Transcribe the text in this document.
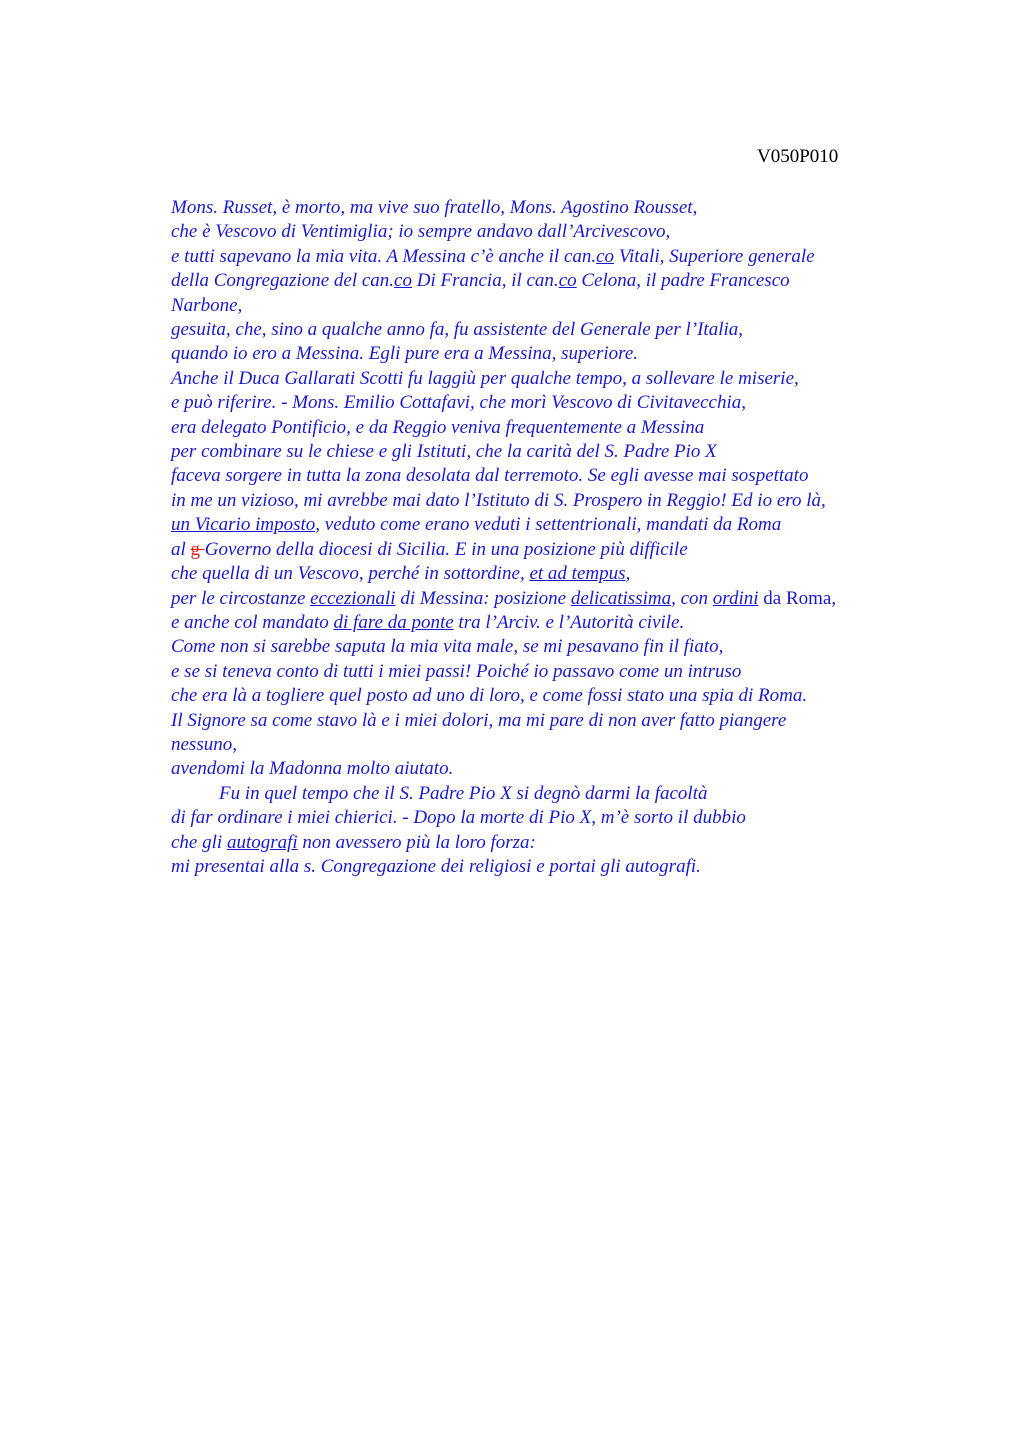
V050P010

Mons. Russet, è morto, ma vive suo fratello, Mons. Agostino Rousset,
che è Vescovo di Ventimiglia; io sempre andavo dall’Arcivescovo,
e tutti sapevano la mia vita. A Messina c’è anche il can.co Vitali, Superiore generale
della Congregazione del can.co Di Francia, il can.co Celona, il padre Francesco
Narbone,
gesuita, che, sino a qualche anno fa, fu assistente del Generale per l’Italia,
quando io ero a Messina. Egli pure era a Messina, superiore.
Anche il Duca Gallarati Scotti fu laggiù per qualche tempo, a sollevare le miserie,
e può riferire. - Mons. Emilio Cottafavi, che morì Vescovo di Civitavecchia,
era delegato Pontificio, e da Reggio veniva frequentemente a Messina
per combinare su le chiese e gli Istituti, che la carità del S. Padre Pio X
faceva sorgere in tutta la zona desolata dal terremoto. Se egli avesse mai sospettato
in me un vizioso, mi avrebbe mai dato l’Istituto di S. Prospero in Reggio! Ed io ero là,
un Vicario imposto, veduto come erano veduti i settentrionali, mandati da Roma
al g Governo della diocesi di Sicilia. E in una posizione più difficile
che quella di un Vescovo, perché in sottordine, et ad tempus,
per le circostanze eccezionali di Messina: posizione delicatissima, con ordini da Roma,
e anche col mandato di fare da ponte tra l’Arciv. e l’Autorità civile.
Come non si sarebbe saputa la mia vita male, se mi pesavano fin il fiato,
e se si teneva conto di tutti i miei passi! Poiché io passavo come un intruso
che era là a togliere quel posto ad uno di loro, e come fossi stato una spia di Roma.
Il Signore sa come stavo là e i miei dolori, ma mi pare di non aver fatto piangere
nessuno,
avendomi la Madonna molto aiutato.
Fu in quel tempo che il S. Padre Pio X si degnò darmi la facoltà
di far ordinare i miei chierici. - Dopo la morte di Pio X, m’è sorto il dubbio
che gli autografi non avessero più la loro forza:
mi presentai alla s. Congregazione dei religiosi e portai gli autografi.
